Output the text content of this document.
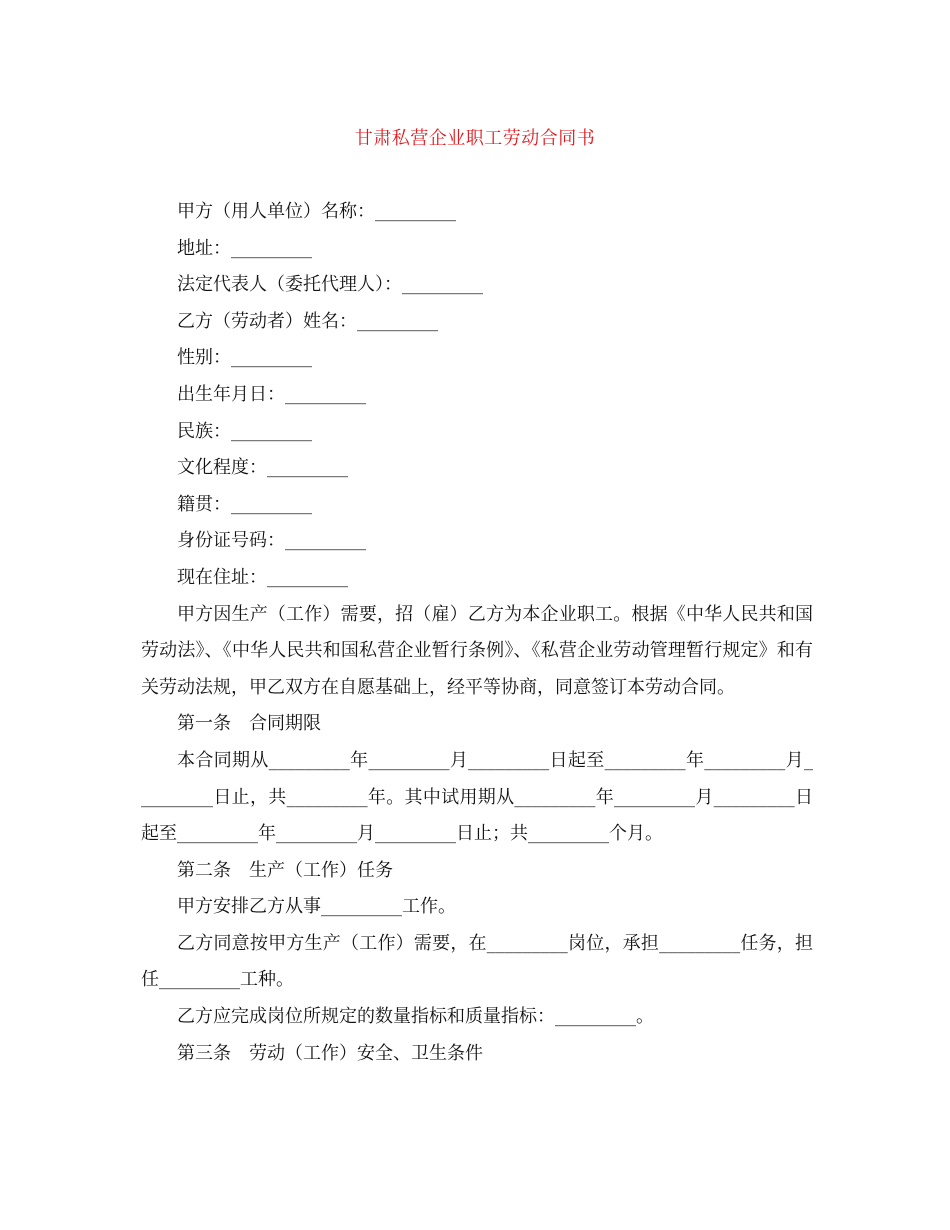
甘肃私营企业职工劳动合同书

甲方（用人单位）名称：_________

地址：_________

法定代表人（委托代理人）：_________

乙方（劳动者）姓名：_________

性别：_________

出生年月日：_________

民族：_________

文化程度：_________

籍贯：_________

身份证号码：_________

现在住址：_________

甲方因生产（工作）需要，招（雇）乙方为本企业职工。根据《中华人民共和国劳动法》、《中华人民共和国私营企业暂行条例》、《私营企业劳动管理暂行规定》和有关劳动法规，甲乙双方在自愿基础上，经平等协商，同意签订本劳动合同。

第一条　合同期限

本合同期从_________年_________月_________日起至_________年_________月_________日止，共_________年。其中试用期从_________年_________月_________日起至_________年_________月_________日止；共_________个月。

第二条　生产（工作）任务

甲方安排乙方从事_________工作。

乙方同意按甲方生产（工作）需要，在_________岗位，承担_________任务，担任_________工种。

乙方应完成岗位所规定的数量指标和质量指标：_________。

第三条　劳动（工作）安全、卫生条件
